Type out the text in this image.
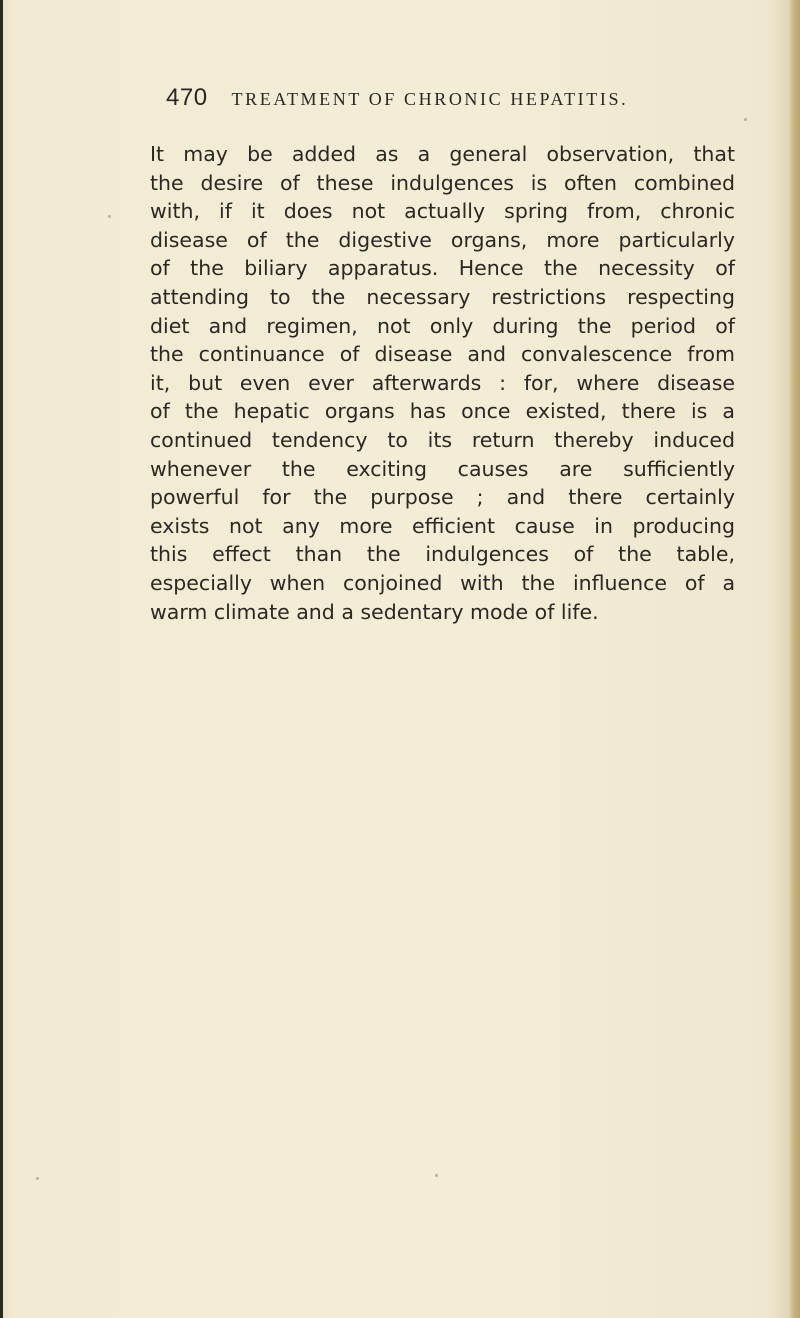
470 TREATMENT OF CHRONIC HEPATITIS.
It may be added as a general observation, that
the desire of these indulgences is often combined
with, if it does not actually spring from, chronic
disease of the digestive organs, more particularly
of the biliary apparatus. Hence the necessity of
attending to the necessary restrictions respecting
diet and regimen, not only during the period of
the continuance of disease and convalescence from
it, but even ever afterwards : for, where disease
of the hepatic organs has once existed, there is a
continued tendency to its return thereby induced
whenever the exciting causes are sufficiently
powerful for the purpose ; and there certainly
exists not any more efficient cause in producing
this effect than the indulgences of the table,
especially when conjoined with the influence of a
warm climate and a sedentary mode of life.
